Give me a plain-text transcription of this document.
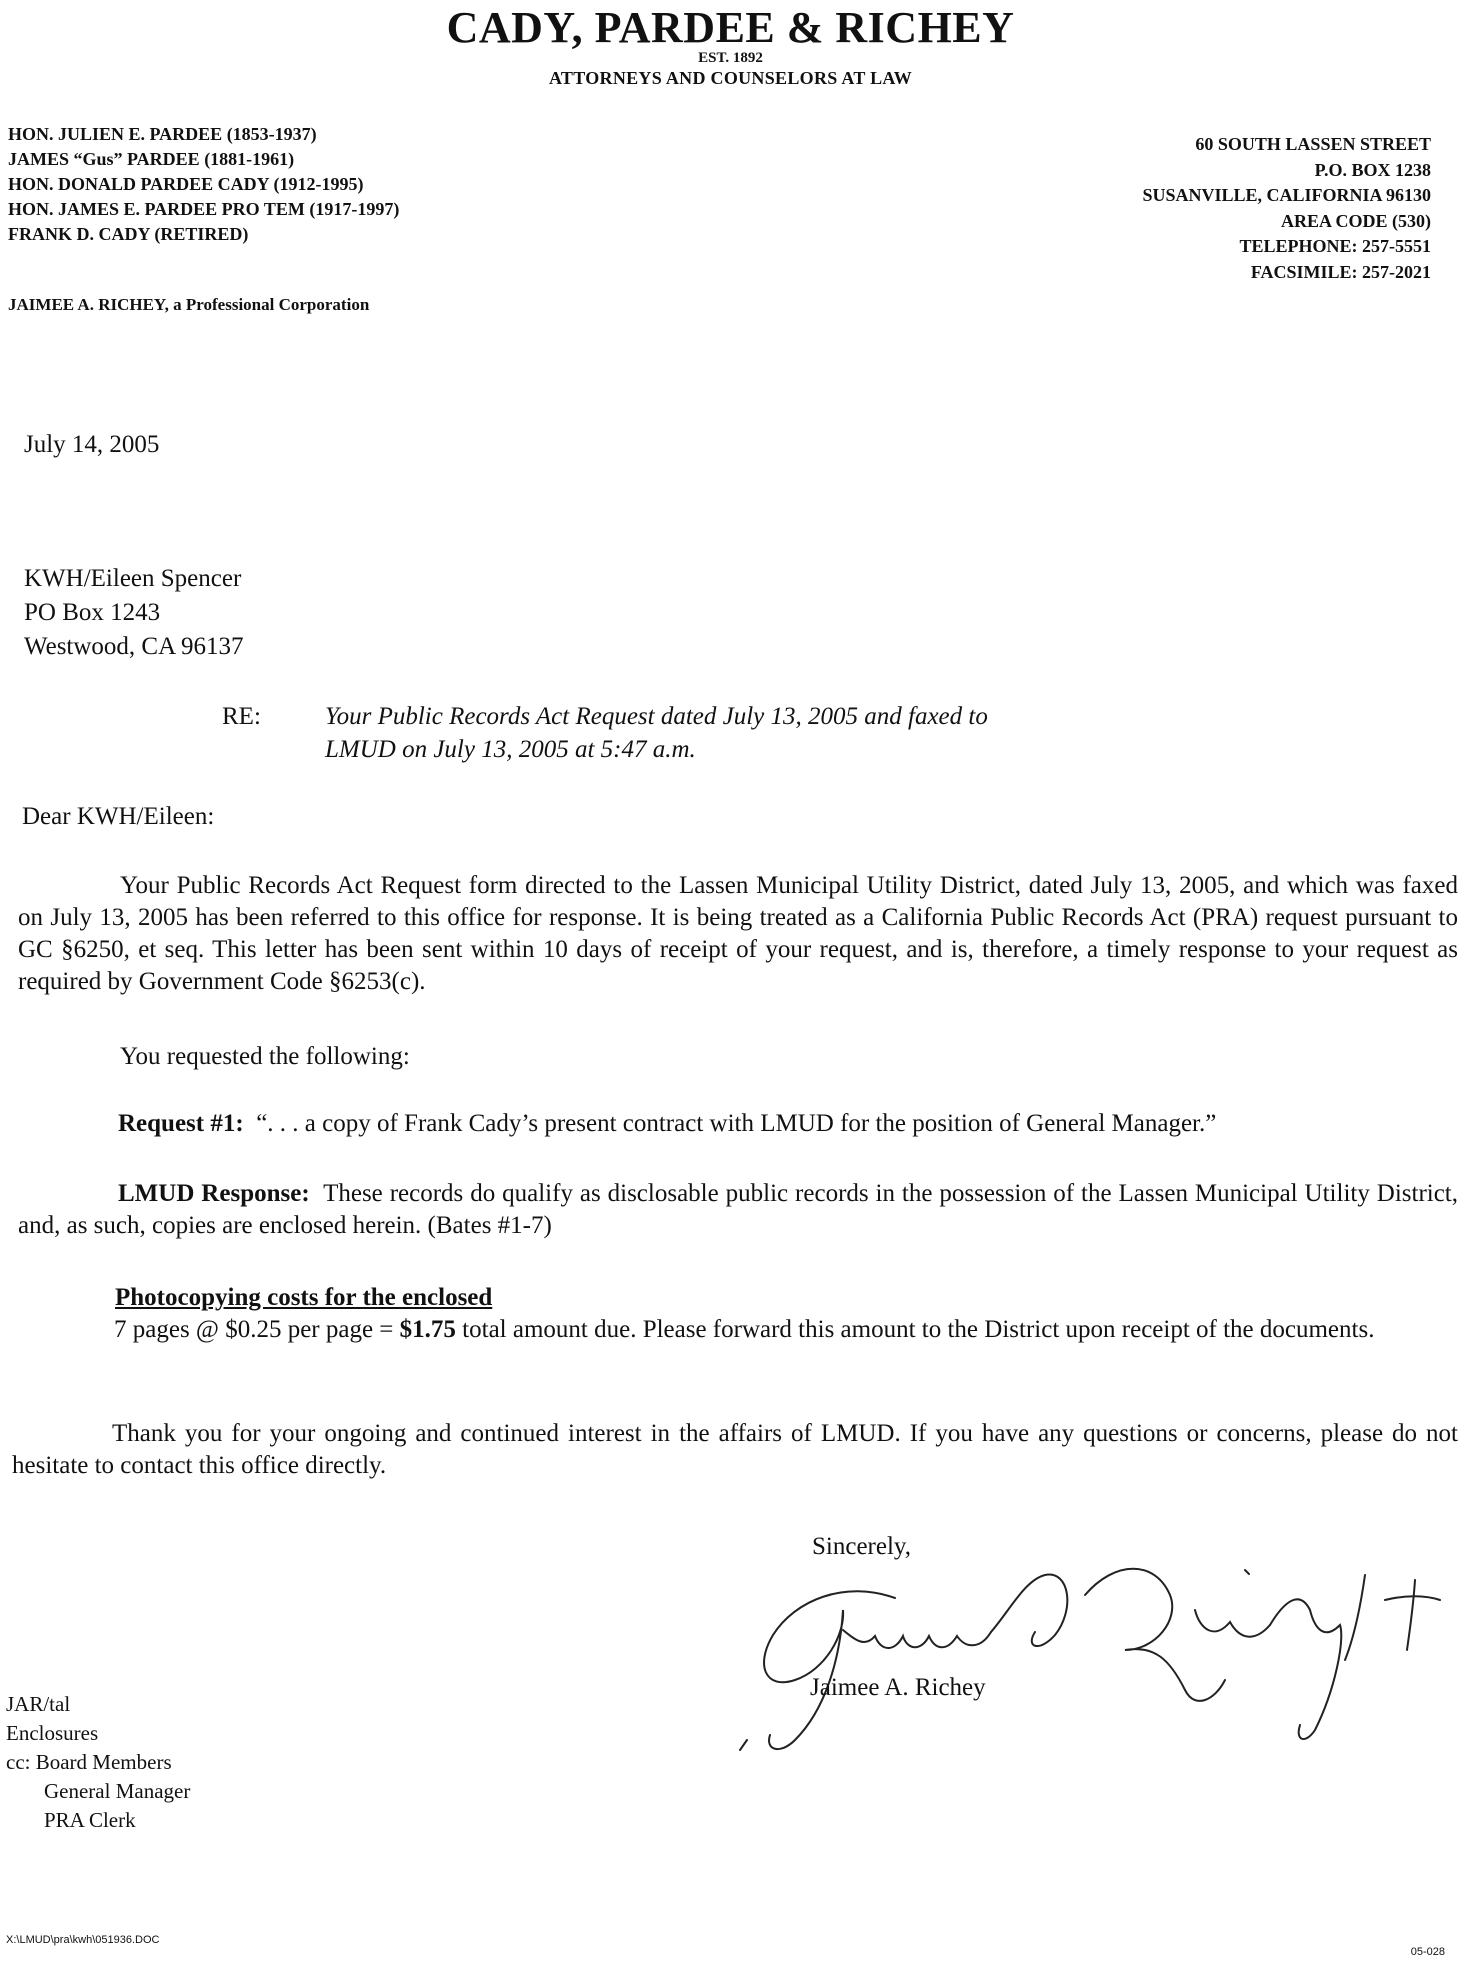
CADY, PARDEE & RICHEY
EST. 1892
ATTORNEYS AND COUNSELORS AT LAW
HON. JULIEN E. PARDEE (1853-1937)
JAMES “Gus” PARDEE (1881-1961)
HON. DONALD PARDEE CADY (1912-1995)
HON. JAMES E. PARDEE PRO TEM (1917-1997)
FRANK D. CADY (RETIRED)
60 SOUTH LASSEN STREET
P.O. BOX 1238
SUSANVILLE, CALIFORNIA 96130
AREA CODE (530)
TELEPHONE: 257-5551
FACSIMILE: 257-2021
JAIMEE A. RICHEY, a Professional Corporation
July 14, 2005
KWH/Eileen Spencer
PO Box 1243
Westwood, CA 96137
RE:	Your Public Records Act Request dated July 13, 2005 and faxed to
LMUD on July 13, 2005 at 5:47 a.m.
Dear KWH/Eileen:
Your Public Records Act Request form directed to the Lassen Municipal Utility District, dated July 13, 2005, and which was faxed on July 13, 2005 has been referred to this office for response. It is being treated as a California Public Records Act (PRA) request pursuant to GC §6250, et seq. This letter has been sent within 10 days of receipt of your request, and is, therefore, a timely response to your request as required by Government Code §6253(c).
You requested the following:
Request #1: “. . . a copy of Frank Cady’s present contract with LMUD for the position of General Manager.”
LMUD Response: These records do qualify as disclosable public records in the possession of the Lassen Municipal Utility District, and, as such, copies are enclosed herein. (Bates #1-7)
Photocopying costs for the enclosed
7 pages @ $0.25 per page = $1.75 total amount due. Please forward this amount to the District upon receipt of the documents.
Thank you for your ongoing and continued interest in the affairs of LMUD. If you have any questions or concerns, please do not hesitate to contact this office directly.
Sincerely,
Jaimee A. Richey
JAR/tal
Enclosures
cc: Board Members
General Manager
PRA Clerk
X:\LMUD\pra\kwh\051936.DOC
05-028
